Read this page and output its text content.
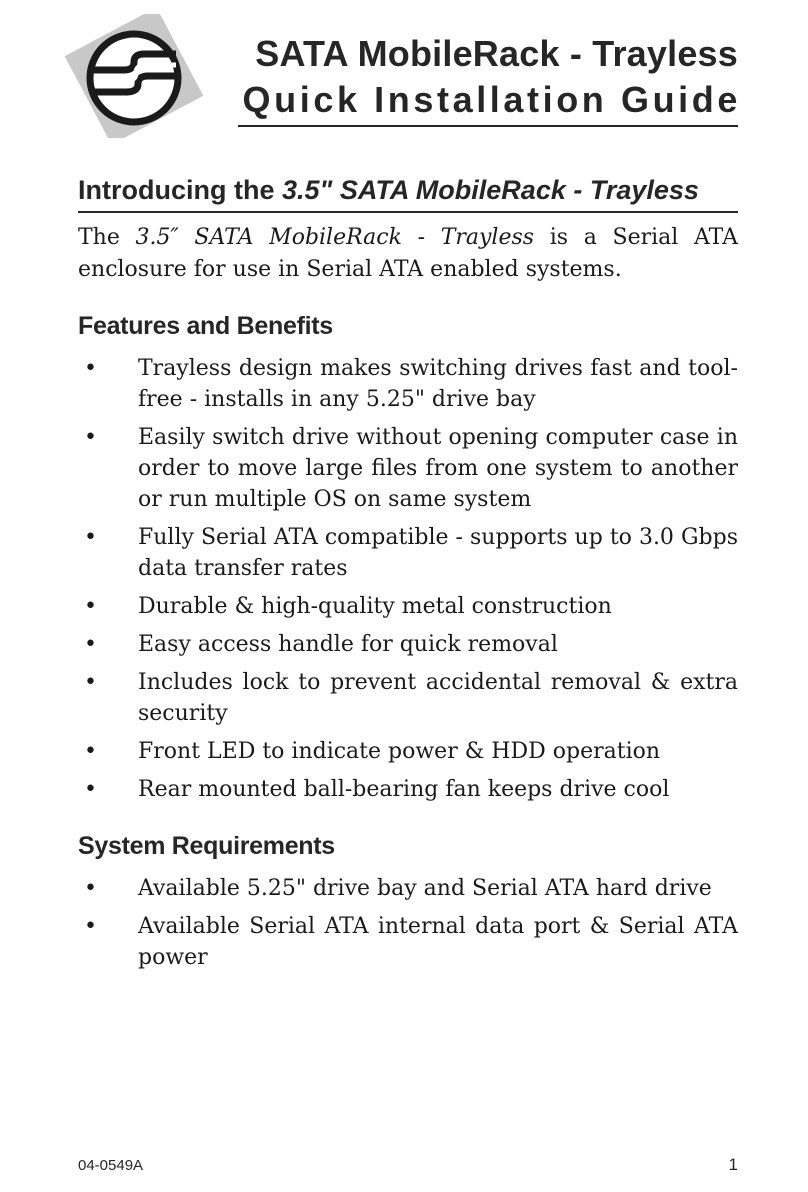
SATA MobileRack - Trayless
Quick Installation Guide
Introducing the 3.5" SATA MobileRack - Trayless
The 3.5″ SATA MobileRack - Trayless is a Serial ATA enclosure for use in Serial ATA enabled systems.
Features and Benefits
• Trayless design makes switching drives fast and tool-free - installs in any 5.25" drive bay
• Easily switch drive without opening computer case in order to move large files from one system to another or run multiple OS on same system
• Fully Serial ATA compatible - supports up to 3.0 Gbps data transfer rates
• Durable & high-quality metal construction
• Easy access handle for quick removal
• Includes lock to prevent accidental removal & extra security
• Front LED to indicate power & HDD operation
• Rear mounted ball-bearing fan keeps drive cool
System Requirements
• Available 5.25" drive bay and Serial ATA hard drive
• Available Serial ATA internal data port & Serial ATA power
04-0549A	1
